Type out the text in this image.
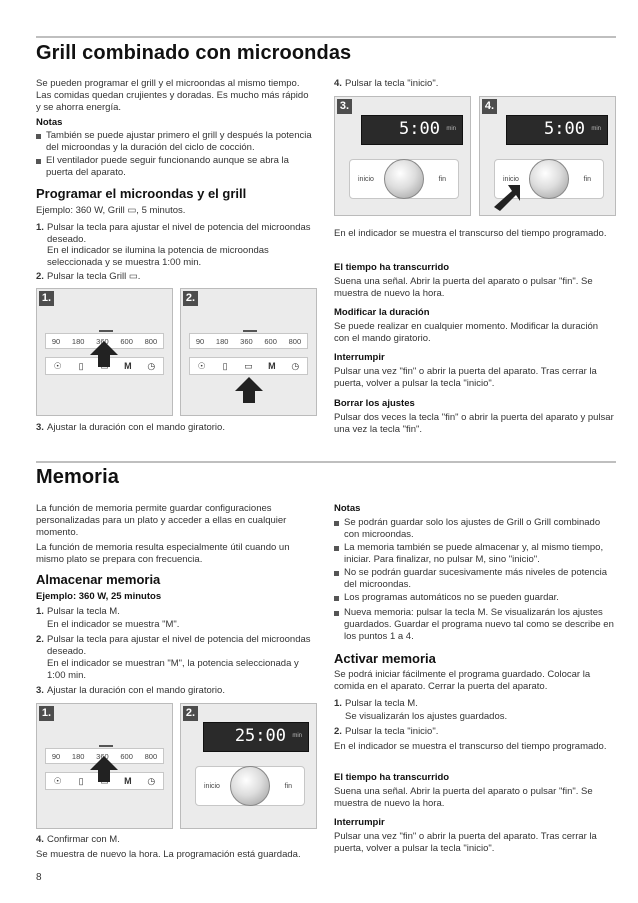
Grill combinado con microondas
Se pueden programar el grill y el microondas al mismo tiempo. Las comidas quedan crujientes y doradas. Es mucho más rápido y se ahorra energía.
Notas
También se puede ajustar primero el grill y después la potencia del microondas y la duración del ciclo de cocción.
El ventilador puede seguir funcionando aunque se abra la puerta del aparato.
Programar el microondas y el grill
Ejemplo: 360 W, Grill ▭, 5 minutos.
1. Pulsar la tecla para ajustar el nivel de potencia del microondas deseado.
En el indicador se ilumina la potencia de microondas seleccionada y se muestra 1:00 min.
2. Pulsar la tecla Grill ▭.
1.
90 180 360 600 800
☉	▯	M	◷
2.
90 180 360 600 800
☉	▯	▭	M	◷
3. Ajustar la duración con el mando giratorio.
4. Pulsar la tecla "inicio".
3.
5:00 min
inicio	fin
4.
5:00 min
inicio	fin
En el indicador se muestra el transcurso del tiempo programado.
El tiempo ha transcurrido
Suena una señal. Abrir la puerta del aparato o pulsar "fin". Se muestra de nuevo la hora.
Modificar la duración
Se puede realizar en cualquier momento. Modificar la duración con el mando giratorio.
Interrumpir
Pulsar una vez "fin" o abrir la puerta del aparato. Tras cerrar la puerta, volver a pulsar la tecla "inicio".
Borrar los ajustes
Pulsar dos veces la tecla "fin" o abrir la puerta del aparato y pulsar una vez la tecla "fin".
Memoria
La función de memoria permite guardar configuraciones personalizadas para un plato y acceder a ellas en cualquier momento.
La función de memoria resulta especialmente útil cuando un mismo plato se prepara con frecuencia.
Almacenar memoria
Ejemplo: 360 W, 25 minutos
1. Pulsar la tecla M.
En el indicador se muestra "M".
2. Pulsar la tecla para ajustar el nivel de potencia del microondas deseado.
En el indicador se muestran "M", la potencia seleccionada y 1:00 min.
3. Ajustar la duración con el mando giratorio.
1.
90 180 360 600 800
☉	▯	M	◷
2.
25:00 min
inicio	fin
4. Confirmar con M.
Se muestra de nuevo la hora. La programación está guardada.
Notas
Se podrán guardar solo los ajustes de Grill o Grill combinado con microondas.
La memoria también se puede almacenar y, al mismo tiempo, iniciar. Para finalizar, no pulsar M, sino "inicio".
No se podrán guardar sucesivamente más niveles de potencia del microondas.
Los programas automáticos no se pueden guardar.
Nueva memoria: pulsar la tecla M. Se visualizarán los ajustes guardados. Guardar el programa nuevo tal como se describe en los puntos 1 a 4.
Activar memoria
Se podrá iniciar fácilmente el programa guardado. Colocar la comida en el aparato. Cerrar la puerta del aparato.
1. Pulsar la tecla M.
Se visualizarán los ajustes guardados.
2. Pulsar la tecla "inicio".
En el indicador se muestra el transcurso del tiempo programado.
El tiempo ha transcurrido
Suena una señal. Abrir la puerta del aparato o pulsar "fin". Se muestra de nuevo la hora.
Interrumpir
Pulsar una vez "fin" o abrir la puerta del aparato. Tras cerrar la puerta, volver a pulsar la tecla "inicio".
8
